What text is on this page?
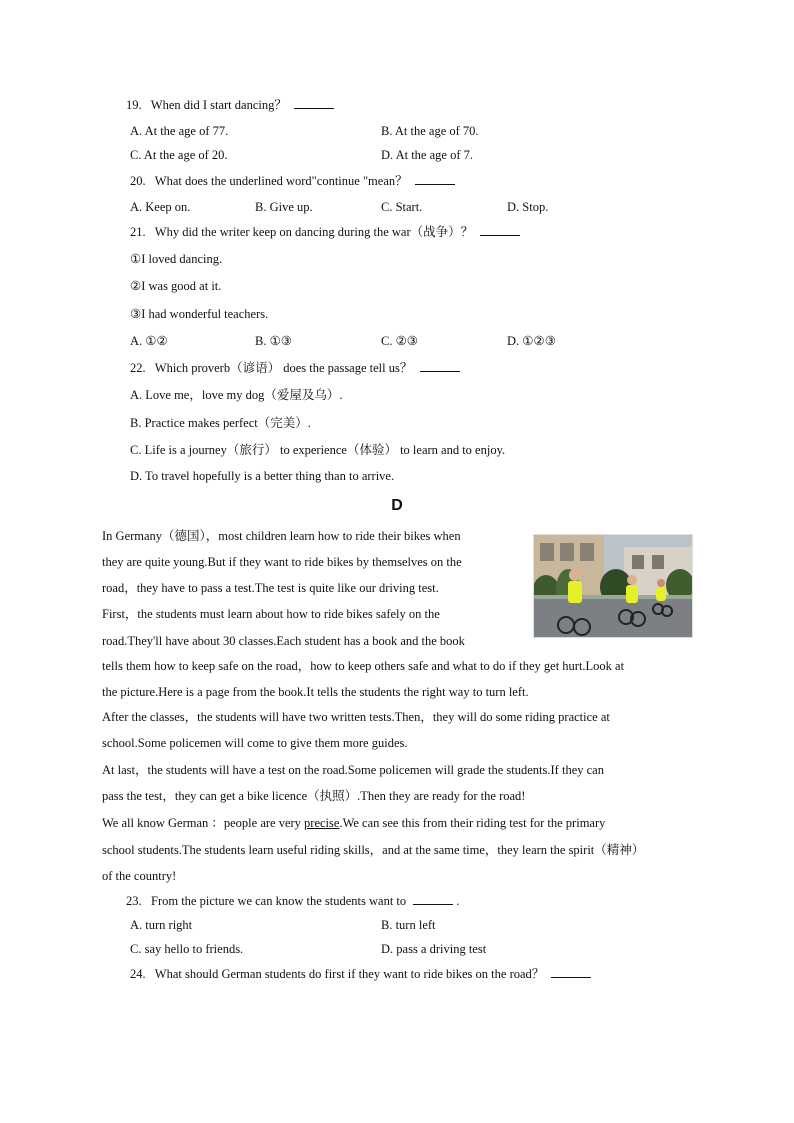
19. When did I start dancing？
A. At the age of 77.	B. At the age of 70.
C. At the age of 20.	D. At the age of 7.
20. What does the underlined word"continue "mean？
A. Keep on.	B. Give up.	C. Start.	D. Stop.
21. Why did the writer keep on dancing during the war（战争）？
①I loved dancing.
②I was good at it.
③I had wonderful teachers.
A. ①②	B. ①③	C. ②③	D. ①②③
22. Which proverb（谚语） does the passage tell us？
A. Love me，love my dog（爱屋及乌）.
B. Practice makes perfect（完美）.
C. Life is a journey（旅行） to experience（体验） to learn and to enjoy.
D. To travel hopefully is a better thing than to arrive.
D
In Germany（德国），most children learn how to ride their bikes when
they are quite young.But if they want to ride bikes by themselves on the
road，they have to pass a test.The test is quite like our driving test.
First，the students must learn about how to ride bikes safely on the
road.They'll have about 30 classes.Each student has a book and the book
tells them how to keep safe on the road，how to keep others safe and what to do if they get hurt.Look at
the picture.Here is a page from the book.It tells the students the right way to turn left.
After the classes，the students will have two written tests.Then，they will do some riding practice at
school.Some policemen will come to give them more guides.
At last，the students will have a test on the road.Some policemen will grade the students.If they can
pass the test，they can get a bike licence（执照）.Then they are ready for the road!
We all know German ：people are very precise.We can see this from their riding test for the primary
school students.The students learn useful riding skills，and at the same time，they learn the spirit（精神）
of the country!
23. From the picture we can know the students want to	.
A. turn right	B. turn left
C. say hello to friends.	D. pass a driving test
24. What should German students do first if they want to ride bikes on the road？
